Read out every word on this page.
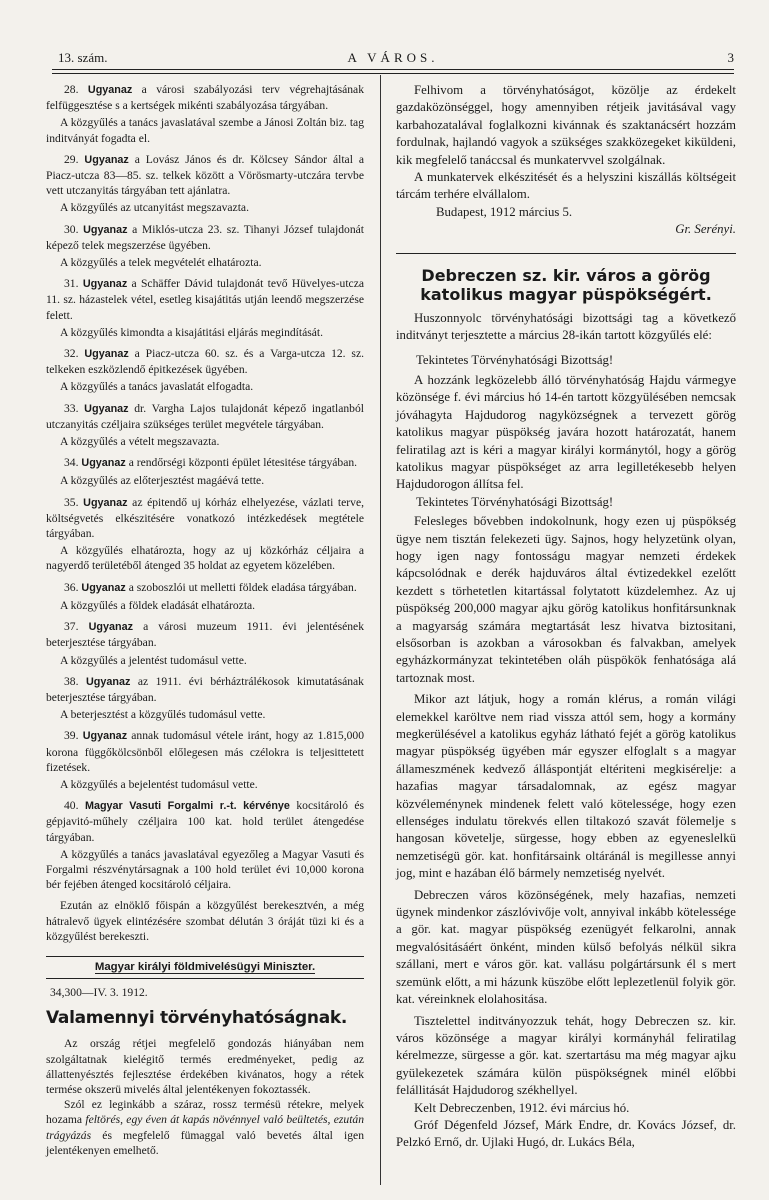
13. szám.	A VÁROS.	3

28. Ugyanaz a városi szabályozási terv végrehajtásának felfüggesztése s a kertségek mikénti szabályozása tárgyában.

A közgyűlés a tanács javaslatával szembe a Jánosi Zoltán biz. tag inditványát fogadta el.

29. Ugyanaz a Lovász János és dr. Kölcsey Sándor által a Piacz-utcza 83—85. sz. telkek között a Vörösmarty-utczára tervbe vett utczanyitás tárgyában tett ajánlatra.

A közgyűlés az utcanyitást megszavazta.

30. Ugyanaz a Miklós-utcza 23. sz. Tihanyi József tulajdonát képező telek megszerzése ügyében.

A közgyűlés a telek megvételét elhatározta.

31. Ugyanaz a Schäffer Dávid tulajdonát tevő Hüvelyes-utcza 11. sz. házastelek vétel, esetleg kisajátitás utján leendő megszerzése felett.

A közgyűlés kimondta a kisajátitási eljárás megindítását.

32. Ugyanaz a Piacz-utcza 60. sz. és a Varga-utcza 12. sz. telkeken eszközlendő épitkezések ügyében.

A közgyűlés a tanács javaslatát elfogadta.

33. Ugyanaz dr. Vargha Lajos tulajdonát képező ingatlanból utczanyitás czéljaira szükséges terület megvétele tárgyában.

A közgyűlés a vételt megszavazta.

34. Ugyanaz a rendőrségi központi épület létesitése tárgyában.

A közgyűlés az előterjesztést magáévá tette.

35. Ugyanaz az épitendő uj kórház elhelyezése, vázlati terve, költségvetés elkészitésére vonatkozó intézkedések megtétele tárgyában.

A közgyűlés elhatározta, hogy az uj közkórház céljaira a nagyerdő területéből átenged 35 holdat az egyetem közelében.

36. Ugyanaz a szoboszlói ut melletti földek eladása tárgyában.

A közgyűlés a földek eladását elhatározta.

37. Ugyanaz a városi muzeum 1911. évi jelentésének beterjesztése tárgyában.

A közgyűlés a jelentést tudomásul vette.

38. Ugyanaz az 1911. évi bérháztrálékosok kimutatásának beterjesztése tárgyában.

A beterjesztést a közgyűlés tudomásul vette.

39. Ugyanaz annak tudomásul vétele iránt, hogy az 1.815,000 korona függőkölcsönből előlegesen más czélokra is teljesittetett fizetések.

A közgyűlés a bejelentést tudomásul vette.

40. Magyar Vasuti Forgalmi r.-t. kérvénye kocsitároló és gépjavitó-műhely czéljaira 100 kat. hold terület átengedése tárgyában.

A közgyűlés a tanács javaslatával egyezőleg a Magyar Vasuti és Forgalmi részvénytársagnak a 100 hold terület évi 10,000 korona bér fejében átenged kocsitároló céljaira.

Ezután az elnöklő főispán a közgyűlést berekesztvén, a még hátralevő ügyek elintézésére szombat délután 3 óráját tüzi ki és a közgyűlést berekeszti.

Magyar királyi földmivelésügyi Miniszter.

34,300—IV. 3. 1912.

Valamennyi törvényhatóságnak.

Az ország rétjei megfelelő gondozás hiányában nem szolgáltatnak kielégitő termés eredményeket, pedig az állattenyésztés fejlesztése érdekében kivánatos, hogy a rétek termése okszerü mivelés által jelentékenyen fokoztassék.

Szól ez leginkább a száraz, rossz termésü rétekre, melyek hozama feltörés, egy éven át kapás növénnyel való beültetés, ezután trágyázás és megfelelő fümaggal való bevetés által igen jelentékenyen emelhető.

Felhivom a törvényhatóságot, közölje az érdekelt gazdaközönséggel, hogy amennyiben rétjeik javitásával vagy karbahozatalával foglalkozni kivánnak és szaktanácsért hozzám fordulnak, hajlandó vagyok a szükséges szakközegeket kiküldeni, kik megfelelő tanáccsal és munkatervvel szolgálnak.

A munkatervek elkészitését és a helyszini kiszállás költségeit tárcám terhére elvállalom.

Budapest, 1912 március 5.

Gr. Serényi.

Debreczen sz. kir. város a görög katolikus magyar püspökségért.

Huszonnyolc törvényhatósági bizottsági tag a következő inditványt terjesztette a március 28-ikán tartott közgyűlés elé:

Tekintetes Törvényhatósági Bizottság!

A hozzánk legközelebb álló törvényhatóság Hajdu vármegye közönsége f. évi március hó 14-én tartott közgyülésében nemcsak jóváhagyta Hajdudorog nagyközségnek a tervezett görög katolikus magyar püspökség javára hozott határozatát, hanem feliratilag azt is kéri a magyar királyi kormánytól, hogy a görög katolikus magyar püspökséget az arra legilletékesebb helyen Hajdudorogon állítsa fel.

Tekintetes Törvényhatósági Bizottság!

Felesleges bővebben indokolnunk, hogy ezen uj püspökség ügye nem tisztán felekezeti ügy. Sajnos, hogy helyzetünk olyan, hogy igen nagy fontosságu magyar nemzeti érdekek kápcsolódnak e derék hajduváros által évtizedekkel ezelőtt kezdett s törhetetlen kitartással folytatott küzdelemhez. Az uj püspökség 200,000 magyar ajku görög katolikus honfitársunknak a magyarság számára megtartását lesz hivatva biztositani, elsősorban is azokban a városokban és falvakban, amelyek egyházkormányzat tekintetében oláh püspökök fenhatósága alá tartoznak most.

Mikor azt látjuk, hogy a román klérus, a román világi elemekkel karöltve nem riad vissza attól sem, hogy a kormány megkerülésével a katolikus egyház látható fejét a görög katolikus magyar püspökség ügyében már egyszer elfoglalt s a magyar állameszmének kedvező álláspontját eltériteni megkisérelje: a hazafias magyar társadalomnak, az egész magyar közvéleménynek mindenek felett való kötelessége, hogy ezen ellenséges indulatu törekvés ellen tiltakozó szavát fölemelje s hangosan követelje, sürgesse, hogy ebben az egyeneslelkü nemzetiségü gör. kat. honfitársaink oltáránál is megillesse annyi jog, mint e hazában élő bármely nemzetiség nyelvét.

Debreczen város közönségének, mely hazafias, nemzeti ügynek mindenkor zászlóvivője volt, annyival inkább kötelessége a gör. kat. magyar püspökség ezenügyét felkarolni, annak megvalósitásáért önként, minden külső befolyás nélkül sikra szállani, mert e város gör. kat. vallásu polgártársunk él s mert szemünk előtt, a mi házunk küszöbe előtt leplezetlenül folyik gör. kat. véreinknek elolahositása.

Tisztelettel inditványozzuk tehát, hogy Debreczen sz. kir. város közönsége a magyar királyi kormányhál feliratilag kérelmezze, sürgesse a gör. kat. szertartásu ma még magyar ajku gyülekezetek számára külön püspökségnek minél előbbi felállitását Hajdudorog székhellyel.

Kelt Debreczenben, 1912. évi március hó.

Gróf Dégenfeld József, Márk Endre, dr. Kovács József, dr. Pelzkó Ernő, dr. Ujlaki Hugó, dr. Lukács Béla,
